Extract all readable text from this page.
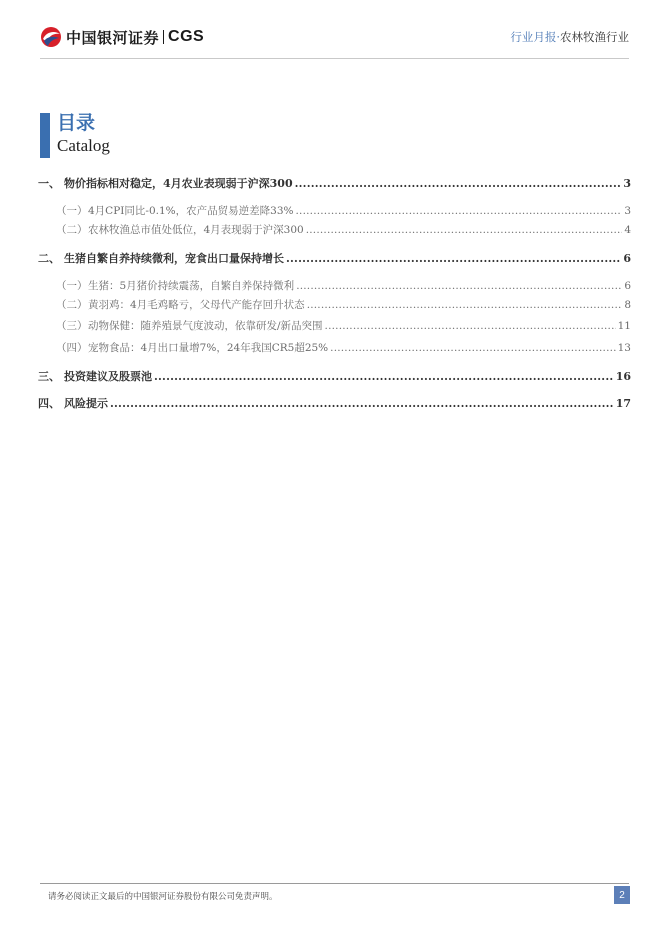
中国银河证券 CGS	行业月报·农林牧渔行业
目录
Catalog
一、 物价指标相对稳定，4月农业表现弱于沪深300 .....	3
（一） 4月CPI同比-0.1%，农产品贸易逆差降33% .....	3
（二） 农林牧渔总市值处低位，4月表现弱于沪深300 .....	4
二、 生猪自繁自养持续微利，宠食出口量保持增长 .....	6
（一） 生猪：5月猪价持续震荡，自繁自养保持微利 .....	6
（二） 黄羽鸡：4月毛鸡略亏，父母代产能存回升状态 .....	8
（三） 动物保健：随养殖景气度波动，依靠研发/新品突围 .....	11
（四） 宠物食品：4月出口量增7%，24年我国CR5超25% .....	13
三、 投资建议及股票池 .....	16
四、 风险提示 .....	17
请务必阅读正文最后的中国银河证券股份有限公司免责声明。	2
